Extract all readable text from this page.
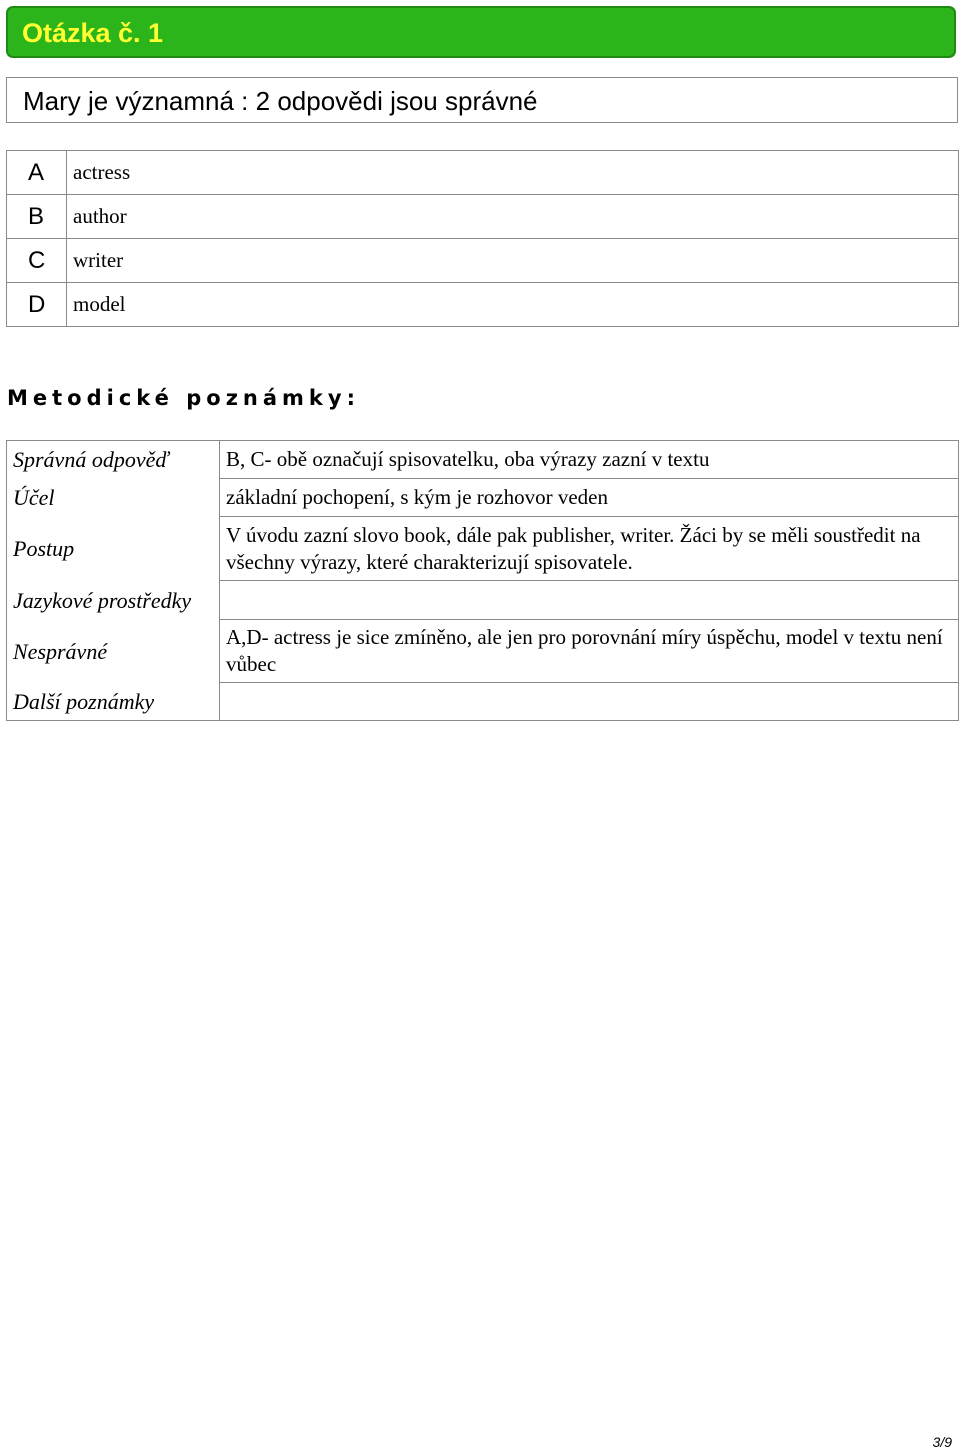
Otázka č. 1
Mary je významná : 2 odpovědi jsou správné
A	actress
B	author
C	writer
D	model
Metodické poznámky:
Správná odpověď	B, C- obě označují spisovatelku, oba výrazy zazní v textu
Účel	základní pochopení, s kým je rozhovor veden
Postup	V úvodu zazní slovo book, dále pak publisher, writer. Žáci by se měli soustředit na všechny výrazy, které charakterizují spisovatele.
Jazykové prostředky	
Nesprávné	A,D- actress je sice zmíněno, ale jen pro porovnání míry úspěchu, model v textu není vůbec
Další poznámky	
3/9
